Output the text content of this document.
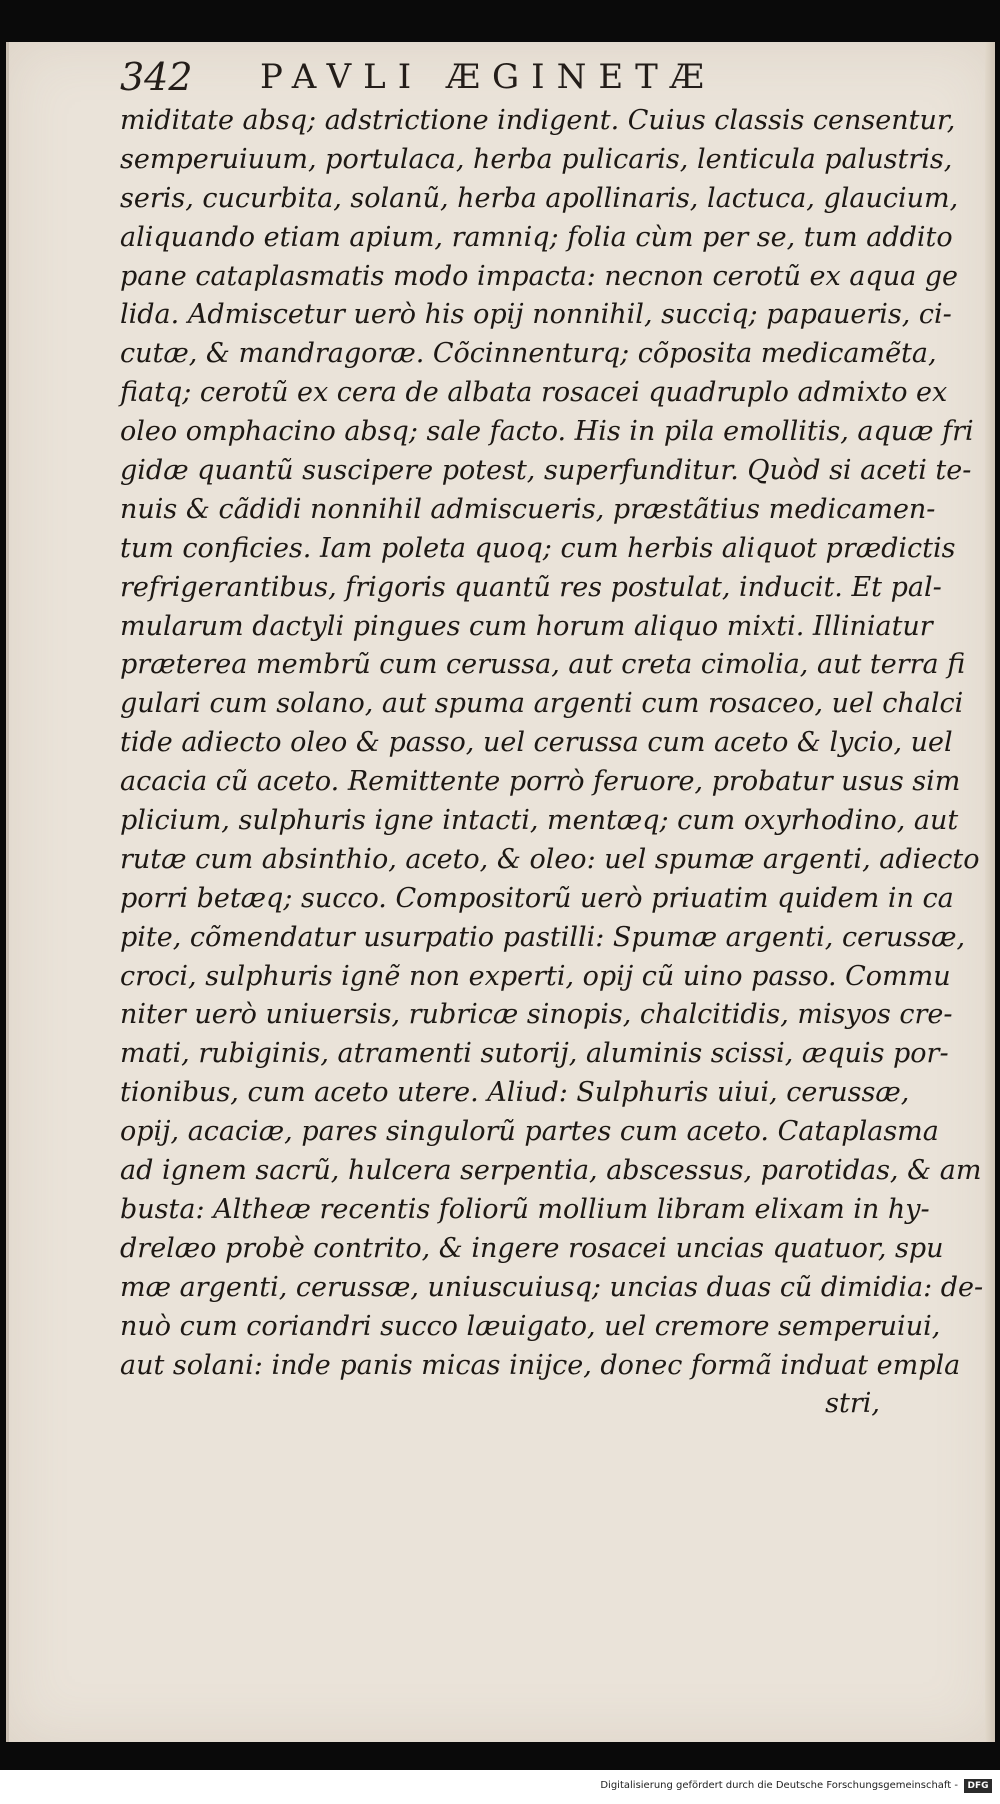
342 PAVLI ÆGINETÆ
miditate absq; adstrictione indigent. Cuius classis censentur,
semperuiuum, portulaca, herba pulicaris, lenticula palustris,
seris, cucurbita, solanũ, herba apollinaris, lactuca, glaucium,
aliquando etiam apium, ramniq; folia cùm per se, tum addito
pane cataplasmatis modo impacta: necnon cerotũ ex aqua ge
lida. Admiscetur uerò his opij nonnihil, succiq; papaueris, ci-
cutæ, & mandragoræ. Cõcinnenturq; cõposita medicamẽta,
fiatq; cerotũ ex cera de albata rosacei quadruplo admixto ex
oleo omphacino absq; sale facto. His in pila emollitis, aquæ fri
gidæ quantũ suscipere potest, superfunditur. Quòd si aceti te-
nuis & cãdidi nonnihil admiscueris, præstãtius medicamen-
tum conficies. Iam poleta quoq; cum herbis aliquot prædictis
refrigerantibus, frigoris quantũ res postulat, inducit. Et pal-
mularum dactyli pingues cum horum aliquo mixti. Illiniatur
præterea membrũ cum cerussa, aut creta cimolia, aut terra fi
gulari cum solano, aut spuma argenti cum rosaceo, uel chalci
tide adiecto oleo & passo, uel cerussa cum aceto & lycio, uel
acacia cũ aceto. Remittente porrò feruore, probatur usus sim
plicium, sulphuris igne intacti, mentæq; cum oxyrhodino, aut
rutæ cum absinthio, aceto, & oleo: uel spumæ argenti, adiecto
porri betæq; succo. Compositorũ uerò priuatim quidem in ca
pite, cõmendatur usurpatio pastilli: Spumæ argenti, cerussæ,
croci, sulphuris ignẽ non experti, opij cũ uino passo. Commu
niter uerò uniuersis, rubricæ sinopis, chalcitidis, misyos cre-
mati, rubiginis, atramenti sutorij, aluminis scissi, æquis por-
tionibus, cum aceto utere. Aliud: Sulphuris uiui, cerussæ,
opij, acaciæ, pares singulorũ partes cum aceto. Cataplasma
ad ignem sacrũ, hulcera serpentia, abscessus, parotidas, & am
busta: Altheæ recentis foliorũ mollium libram elixam in hy-
drelæo probè contrito, & ingere rosacei uncias quatuor, spu
mæ argenti, cerussæ, uniuscuiusq; uncias duas cũ dimidia: de-
nuò cum coriandri succo læuigato, uel cremore semperuiui,
aut solani: inde panis micas inijce, donec formã induat empla
stri,
Digitalisierung gefördert durch die Deutsche Forschungsgemeinschaft -	DFG
